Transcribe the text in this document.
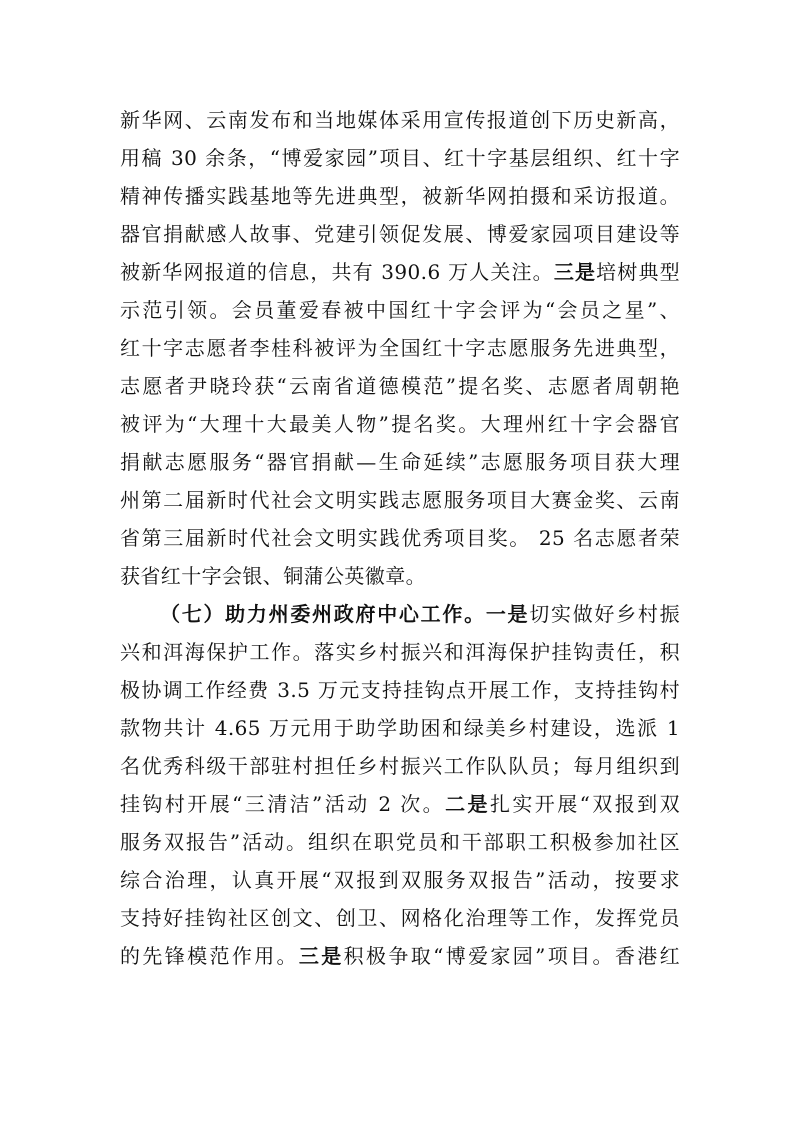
新华网、云南发布和当地媒体采用宣传报道创下历史新高，
用稿 30 余条，“博爱家园”项目、红十字基层组织、红十字
精神传播实践基地等先进典型，被新华网拍摄和采访报道。
器官捐献感人故事、党建引领促发展、博爱家园项目建设等
被新华网报道的信息，共有 390.6 万人关注。三是培树典型
示范引领。会员董爱春被中国红十字会评为“会员之星”、
红十字志愿者李桂科被评为全国红十字志愿服务先进典型，
志愿者尹晓玲获“云南省道德模范”提名奖、志愿者周朝艳
被评为“大理十大最美人物”提名奖。大理州红十字会器官
捐献志愿服务“器官捐献—生命延续”志愿服务项目获大理
州第二届新时代社会文明实践志愿服务项目大赛金奖、云南
省第三届新时代社会文明实践优秀项目奖。 25 名志愿者荣
获省红十字会银、铜蒲公英徽章。
（七）助力州委州政府中心工作。一是切实做好乡村振
兴和洱海保护工作。落实乡村振兴和洱海保护挂钩责任，积
极协调工作经费 3.5 万元支持挂钩点开展工作，支持挂钩村
款物共计 4.65 万元用于助学助困和绿美乡村建设，选派 1
名优秀科级干部驻村担任乡村振兴工作队队员；每月组织到
挂钩村开展“三清洁”活动 2 次。二是扎实开展“双报到双
服务双报告”活动。组织在职党员和干部职工积极参加社区
综合治理，认真开展“双报到双服务双报告”活动，按要求
支持好挂钩社区创文、创卫、网格化治理等工作，发挥党员
的先锋模范作用。三是积极争取“博爱家园”项目。香港红
